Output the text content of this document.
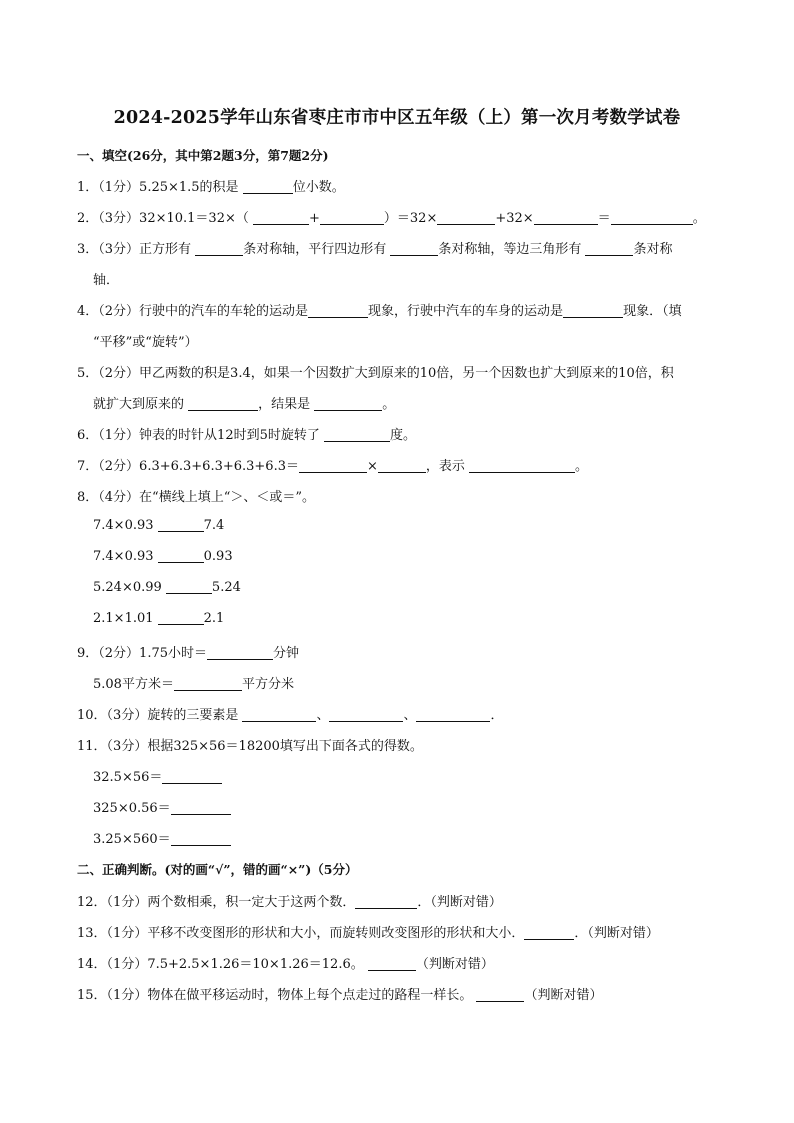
2024-2025学年山东省枣庄市市中区五年级（上）第一次月考数学试卷
一、填空(26分，其中第2题3分，第7题2分)
1．（1分）5.25×1.5的积是	位小数。
2．（3分）32×10.1＝32×（	+	）＝32×	+32×	＝	。
3．（3分）正方形有	条对称轴，平行四边形有	条对称轴，等边三角形有	条对称
轴．
4．（2分）行驶中的汽车的车轮的运动是	现象，行驶中汽车的车身的运动是	现象．（填
“平移”或“旋转”）
5．（2分）甲乙两数的积是3.4，如果一个因数扩大到原来的10倍，另一个因数也扩大到原来的10倍，积
就扩大到原来的	，结果是	。
6．（1分）钟表的时针从12时到5时旋转了	度。
7．（2分）6.3+6.3+6.3+6.3+6.3＝	×	，表示	。
8．（4分）在“横线上填上“＞、＜或＝”。
7.4×0.93	7.4
7.4×0.93	0.93
5.24×0.99	5.24
2.1×1.01	2.1
9．（2分）1.75小时＝	分钟
5.08平方米＝	平方分米
10．（3分）旋转的三要素是	、	、	．
11．（3分）根据325×56＝18200填写出下面各式的得数。
32.5×56＝
325×0.56＝
3.25×560＝
二、正确判断。(对的画“√”，错的画“×”)（5分）
12．（1分）两个数相乘，积一定大于这两个数．	．（判断对错）
13．（1分）平移不改变图形的形状和大小，而旋转则改变图形的形状和大小．	．（判断对错）
14．（1分）7.5+2.5×1.26＝10×1.26＝12.6。	（判断对错）
15．（1分）物体在做平移运动时，物体上每个点走过的路程一样长。	（判断对错）
